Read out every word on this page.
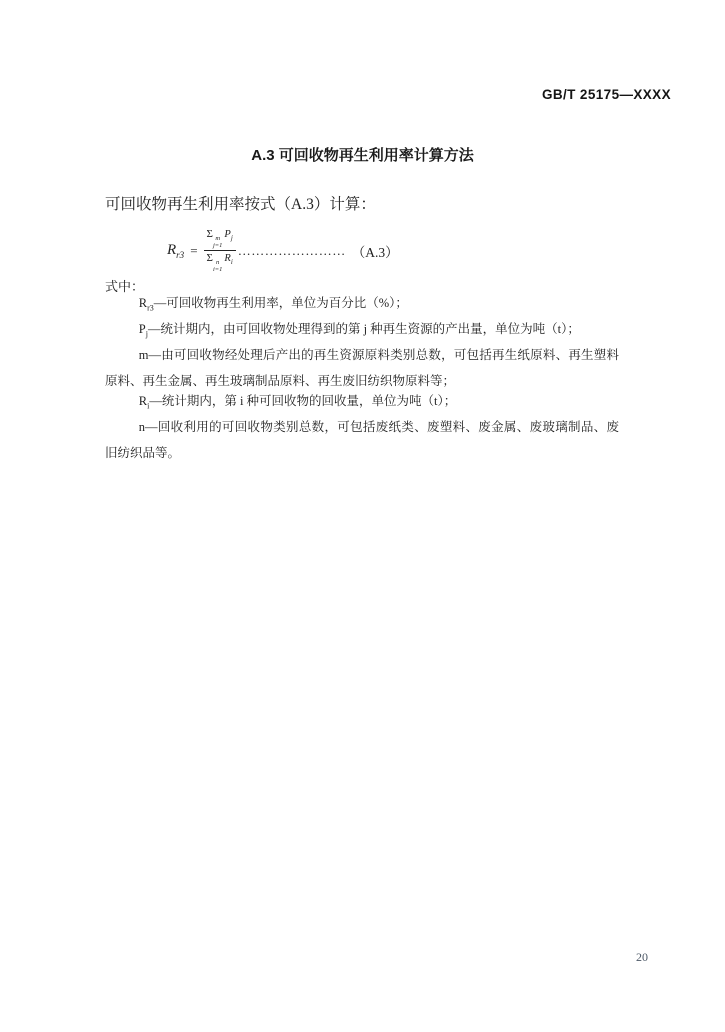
GB/T 25175—XXXX
A.3 可回收物再生利用率计算方法

可回收物再生利用率按式（A.3）计算：

$R_{r3} = \Sigma$ m
j=1
$P_j$
Σ n
i=1
$R_i$ …………………… （A.3）

式中：

$R_{r3}—$可回收物再生利用率，单位为百分比（%）；

$P_j—$统计期内，由可回收物处理得到的第 j 种再生资源的产出量，单位为吨（t）；

m—由可回收物经处理后产出的再生资源原料类别总数，可包括再生纸原料、再生塑料原料、再生金属、再生玻璃制品原料、再生废旧纺织物原料等；

$R_i—$统计期内，第 i 种可回收物的回收量，单位为吨（t）；

n—回收利用的可回收物类别总数，可包括废纸类、废塑料、废金属、废玻璃制品、废旧纺织品等。

20
